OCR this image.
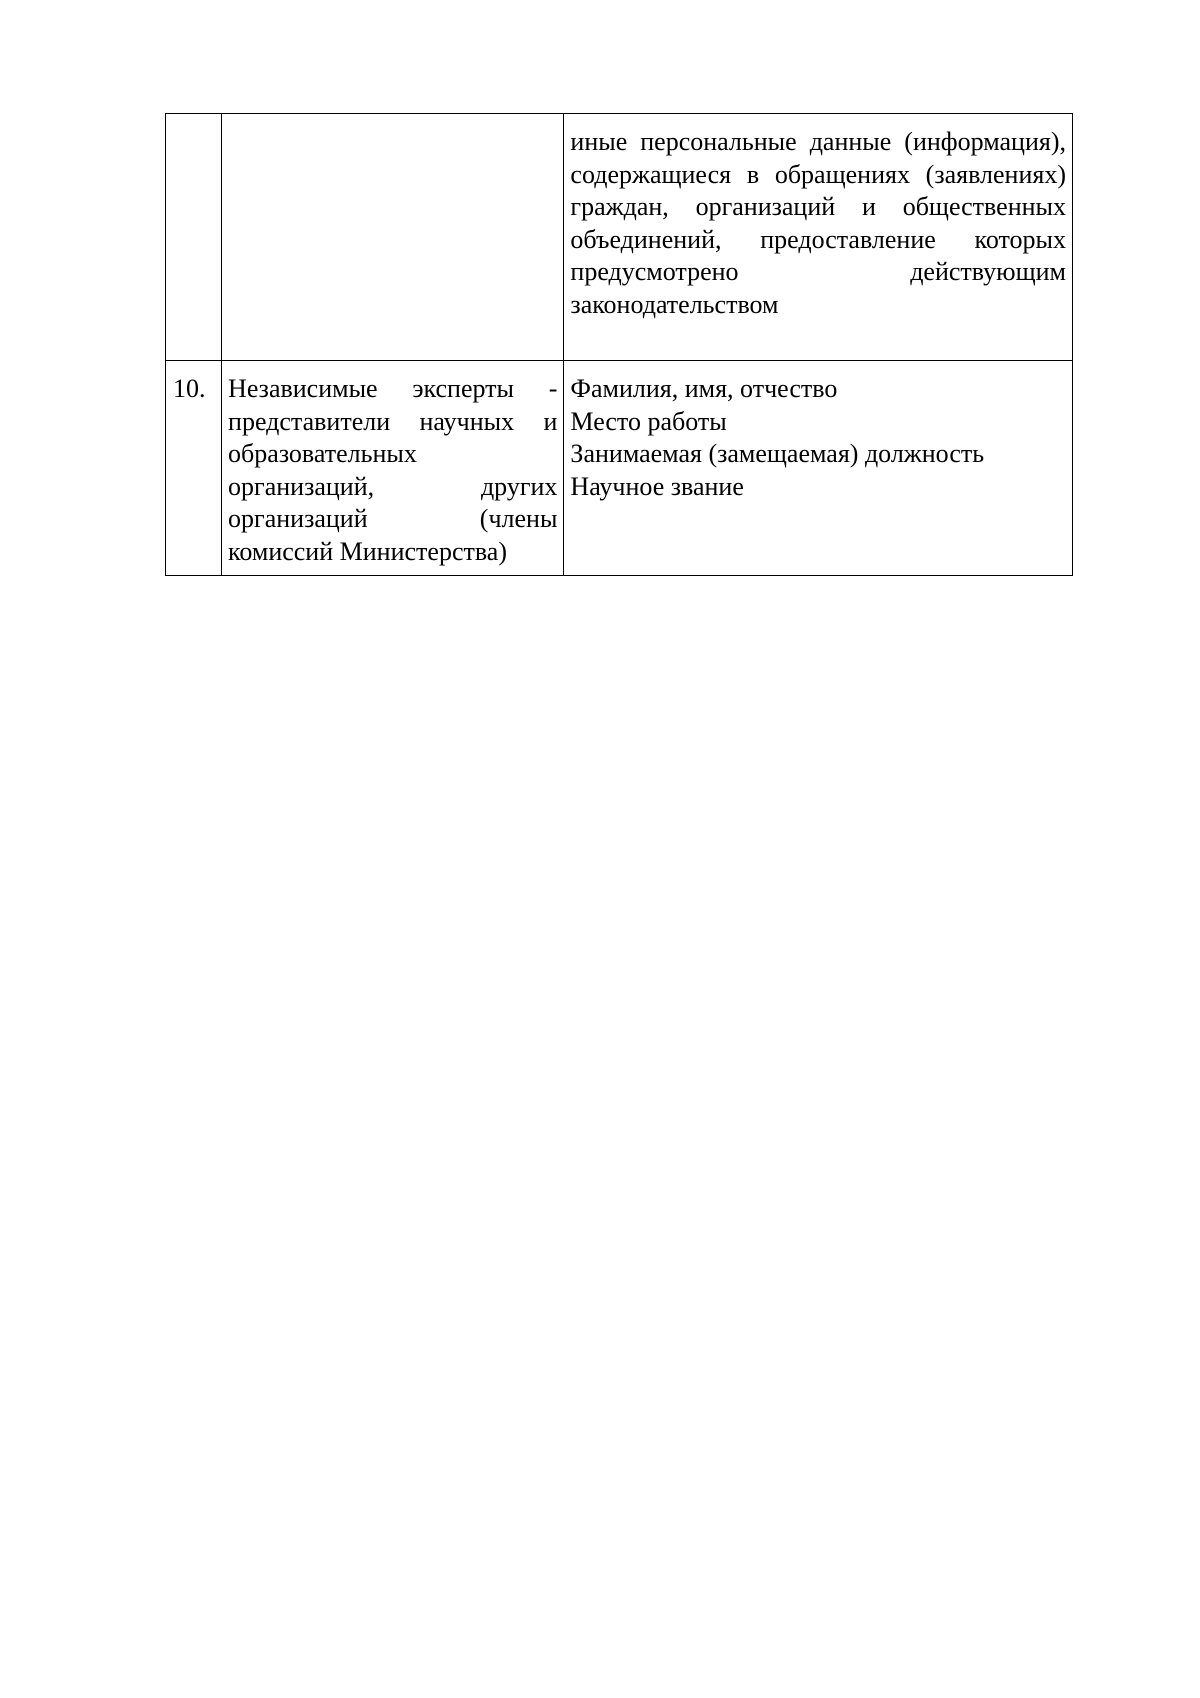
		иные персональные данные (информация), содержащиеся в обращениях (заявлениях) граждан, организаций и общественных объединений, предоставление которых предусмотрено действующим законодательством
10.	Независимые эксперты - представители научных и образовательных организаций, других организаций (члены комиссий Министерства)	Фамилия, имя, отчество
Место работы
Занимаемая (замещаемая) должность
Научное звание
